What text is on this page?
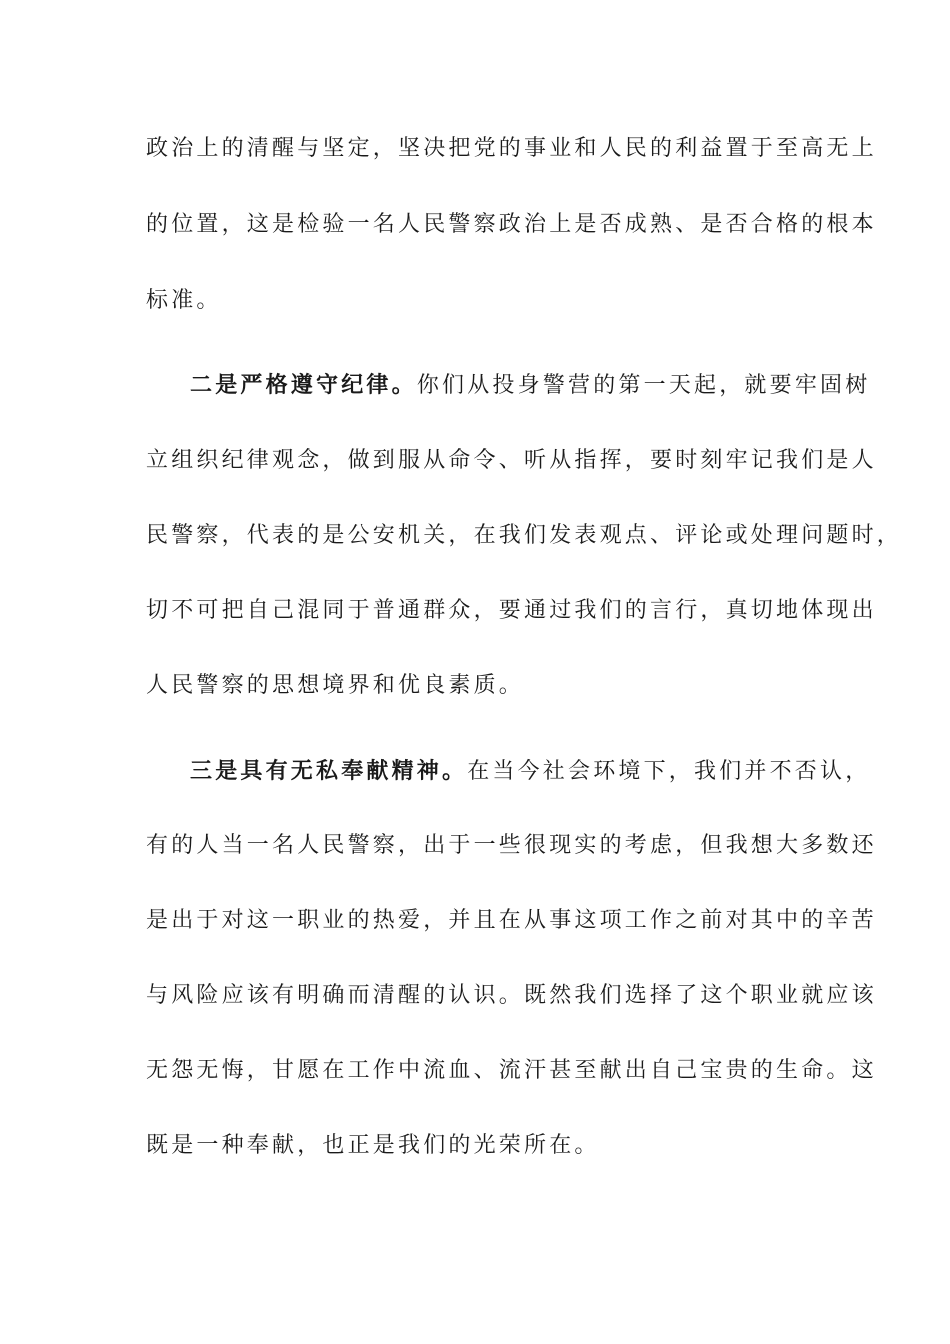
政治上的清醒与坚定，坚决把党的事业和人民的利益置于至高无上
的位置，这是检验一名人民警察政治上是否成熟、是否合格的根本
标准。
二是严格遵守纪律。你们从投身警营的第一天起，就要牢固树
立组织纪律观念，做到服从命令、听从指挥，要时刻牢记我们是人
民警察，代表的是公安机关，在我们发表观点、评论或处理问题时，
切不可把自己混同于普通群众，要通过我们的言行，真切地体现出
人民警察的思想境界和优良素质。
三是具有无私奉献精神。在当今社会环境下，我们并不否认，
有的人当一名人民警察，出于一些很现实的考虑，但我想大多数还
是出于对这一职业的热爱，并且在从事这项工作之前对其中的辛苦
与风险应该有明确而清醒的认识。既然我们选择了这个职业就应该
无怨无悔，甘愿在工作中流血、流汗甚至献出自己宝贵的生命。这
既是一种奉献，也正是我们的光荣所在。
